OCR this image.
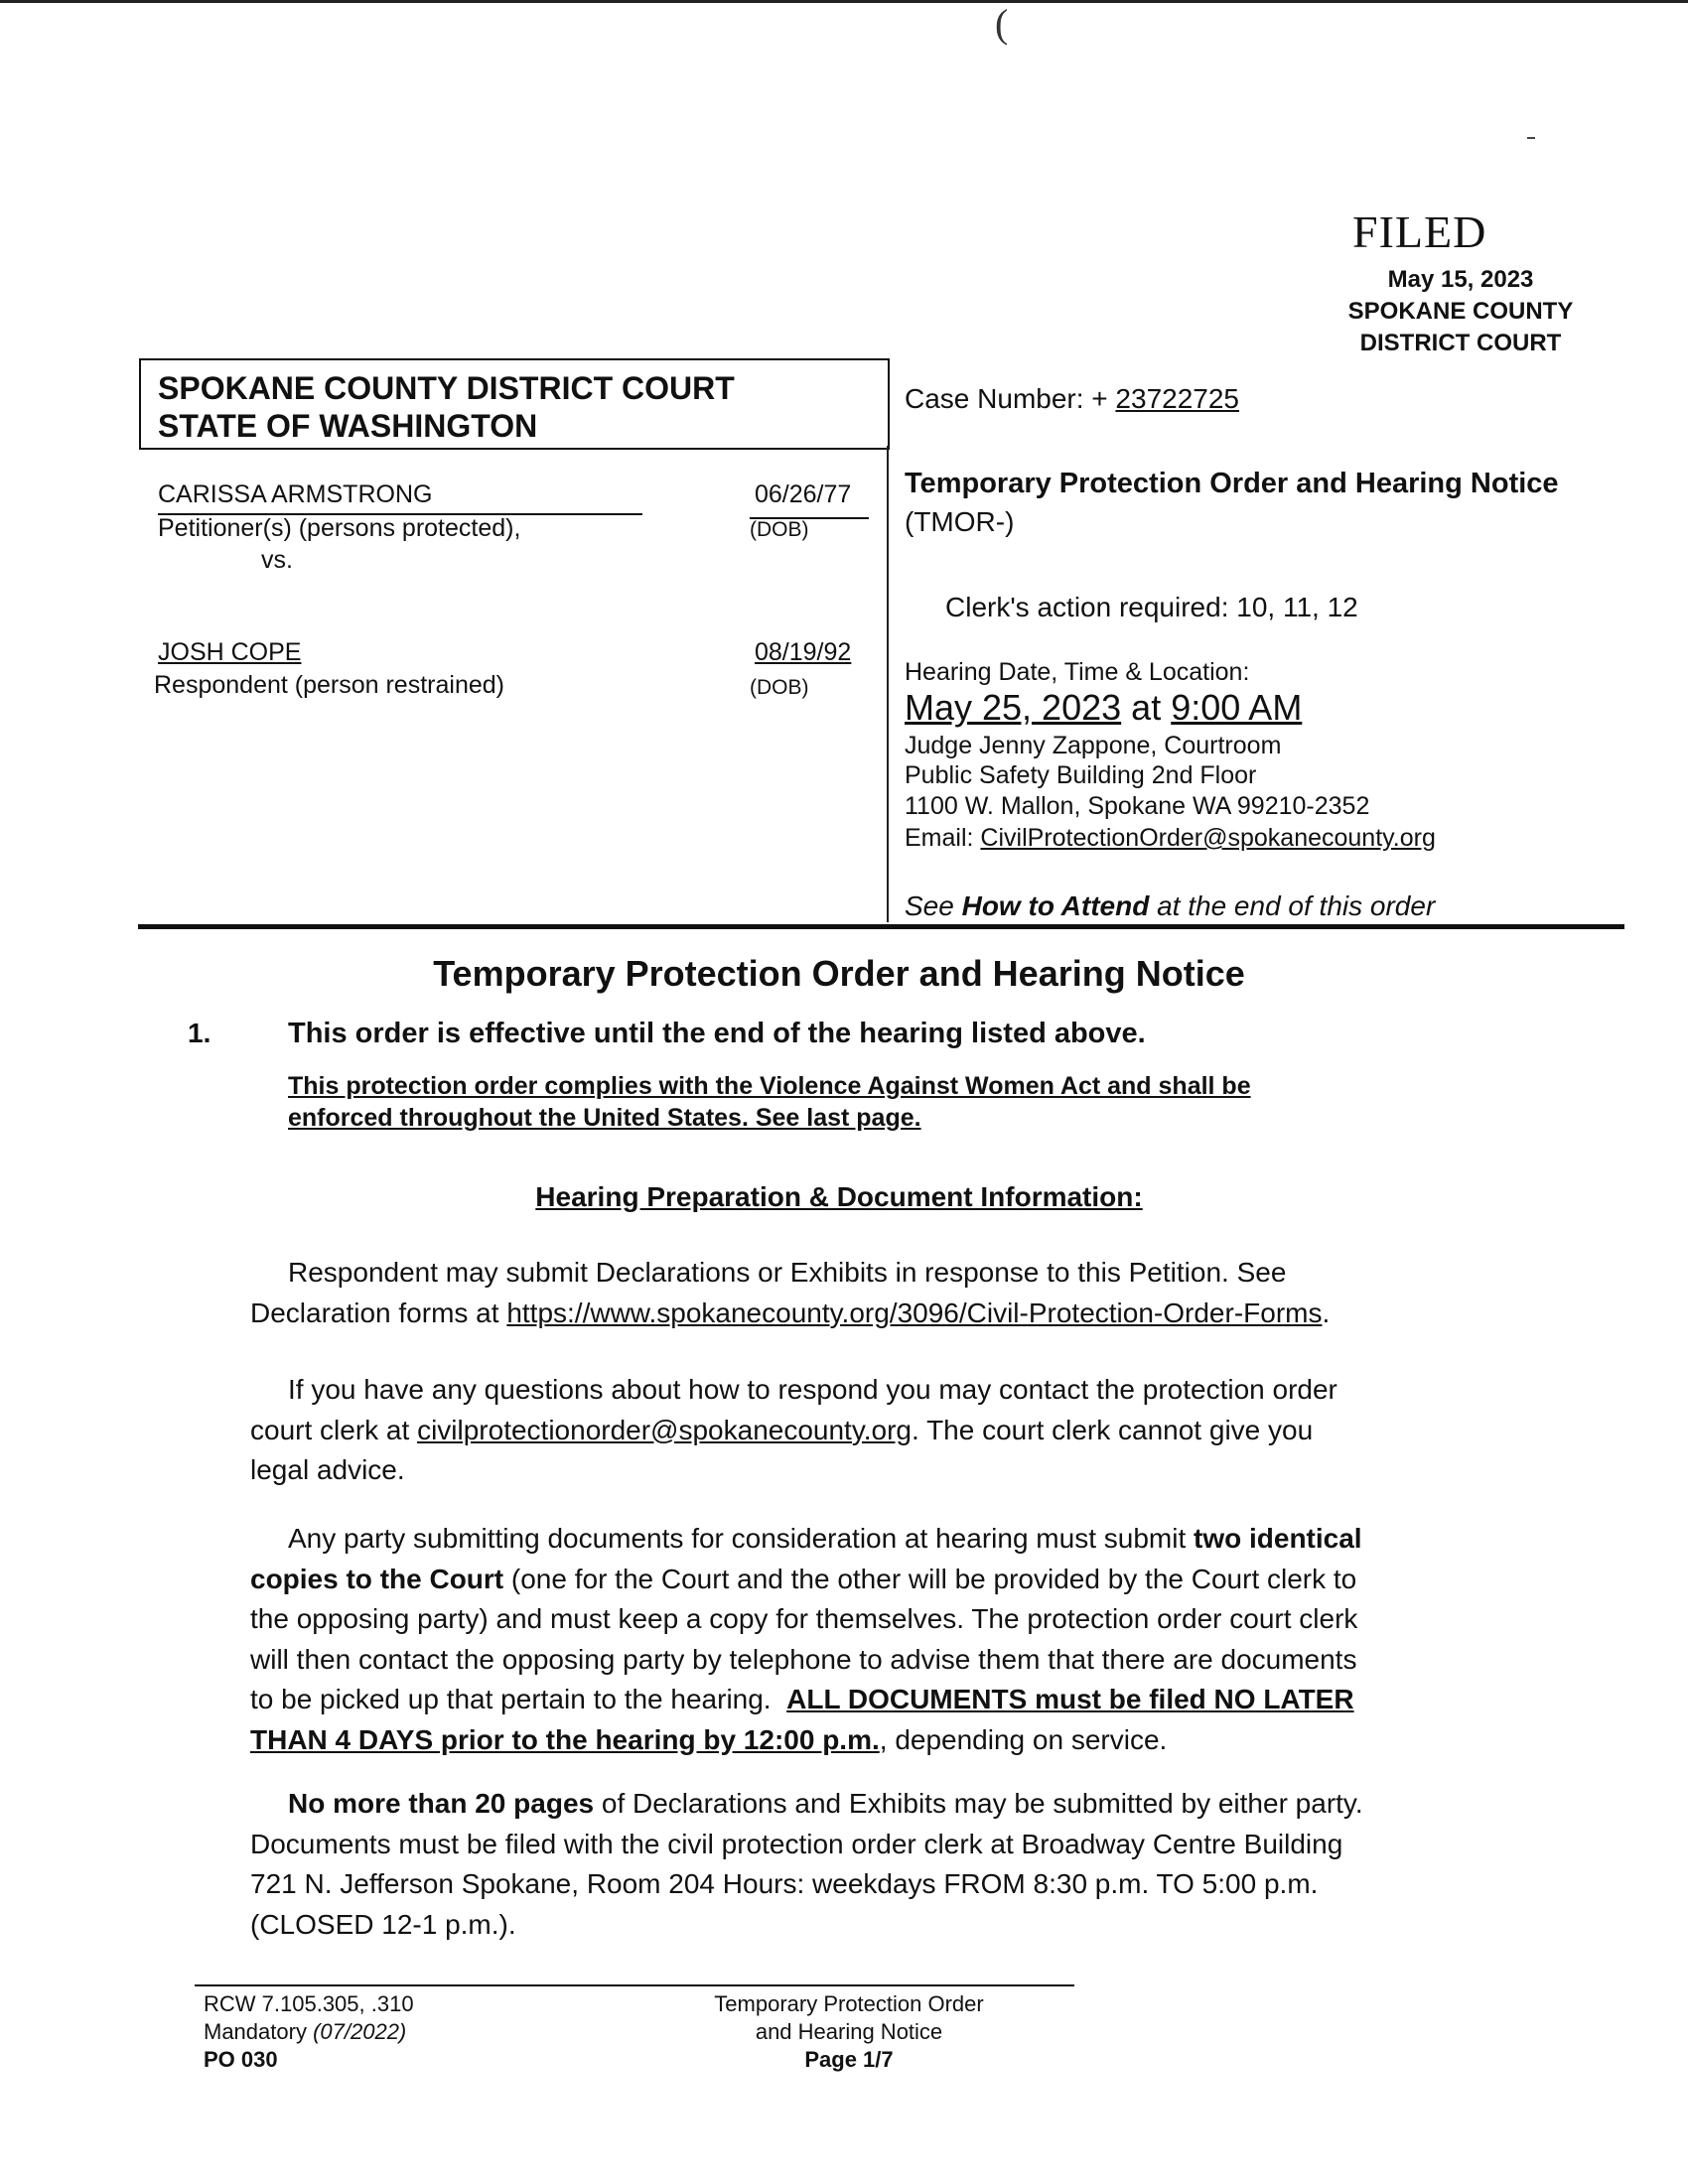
(
FILED
May 15, 2023
SPOKANE COUNTY
DISTRICT COURT
SPOKANE COUNTY DISTRICT COURT
STATE OF WASHINGTON
Case Number: + 23722725
CARISSA ARMSTRONG
Petitioner(s) (persons protected),
06/26/77
(DOB)
vs.
JOSH COPE
Respondent (person restrained)
08/19/92
(DOB)
Temporary Protection Order and Hearing Notice
(TMOR-)
Clerk's action required: 10, 11, 12
Hearing Date, Time & Location:
May 25, 2023 at 9:00 AM
Judge Jenny Zappone, Courtroom
Public Safety Building 2nd Floor
1100 W. Mallon, Spokane WA 99210-2352
Email: CivilProtectionOrder@spokanecounty.org
See How to Attend at the end of this order
Temporary Protection Order and Hearing Notice
1.	This order is effective until the end of the hearing listed above.
This protection order complies with the Violence Against Women Act and shall be
enforced throughout the United States. See last page.
Hearing Preparation & Document Information:

Respondent may submit Declarations or Exhibits in response to this Petition. See

Declaration forms at https://www.spokanecounty.org/3096/Civil-Protection-Order-Forms.

If you have any questions about how to respond you may contact the protection order

court clerk at civilprotectionorder@spokanecounty.org. The court clerk cannot give you

legal advice.

Any party submitting documents for consideration at hearing must submit two identical

copies to the Court (one for the Court and the other will be provided by the Court clerk to

the opposing party) and must keep a copy for themselves. The protection order court clerk

will then contact the opposing party by telephone to advise them that there are documents

to be picked up that pertain to the hearing. ALL DOCUMENTS must be filed NO LATER

THAN 4 DAYS prior to the hearing by 12:00 p.m., depending on service.

No more than 20 pages of Declarations and Exhibits may be submitted by either party.

Documents must be filed with the civil protection order clerk at Broadway Centre Building

721 N. Jefferson Spokane, Room 204 Hours: weekdays FROM 8:30 p.m. TO 5:00 p.m.

(CLOSED 12-1 p.m.).

RCW 7.105.305, .310
Mandatory (07/2022)
PO 030
Temporary Protection Order
and Hearing Notice
Page 1/7
